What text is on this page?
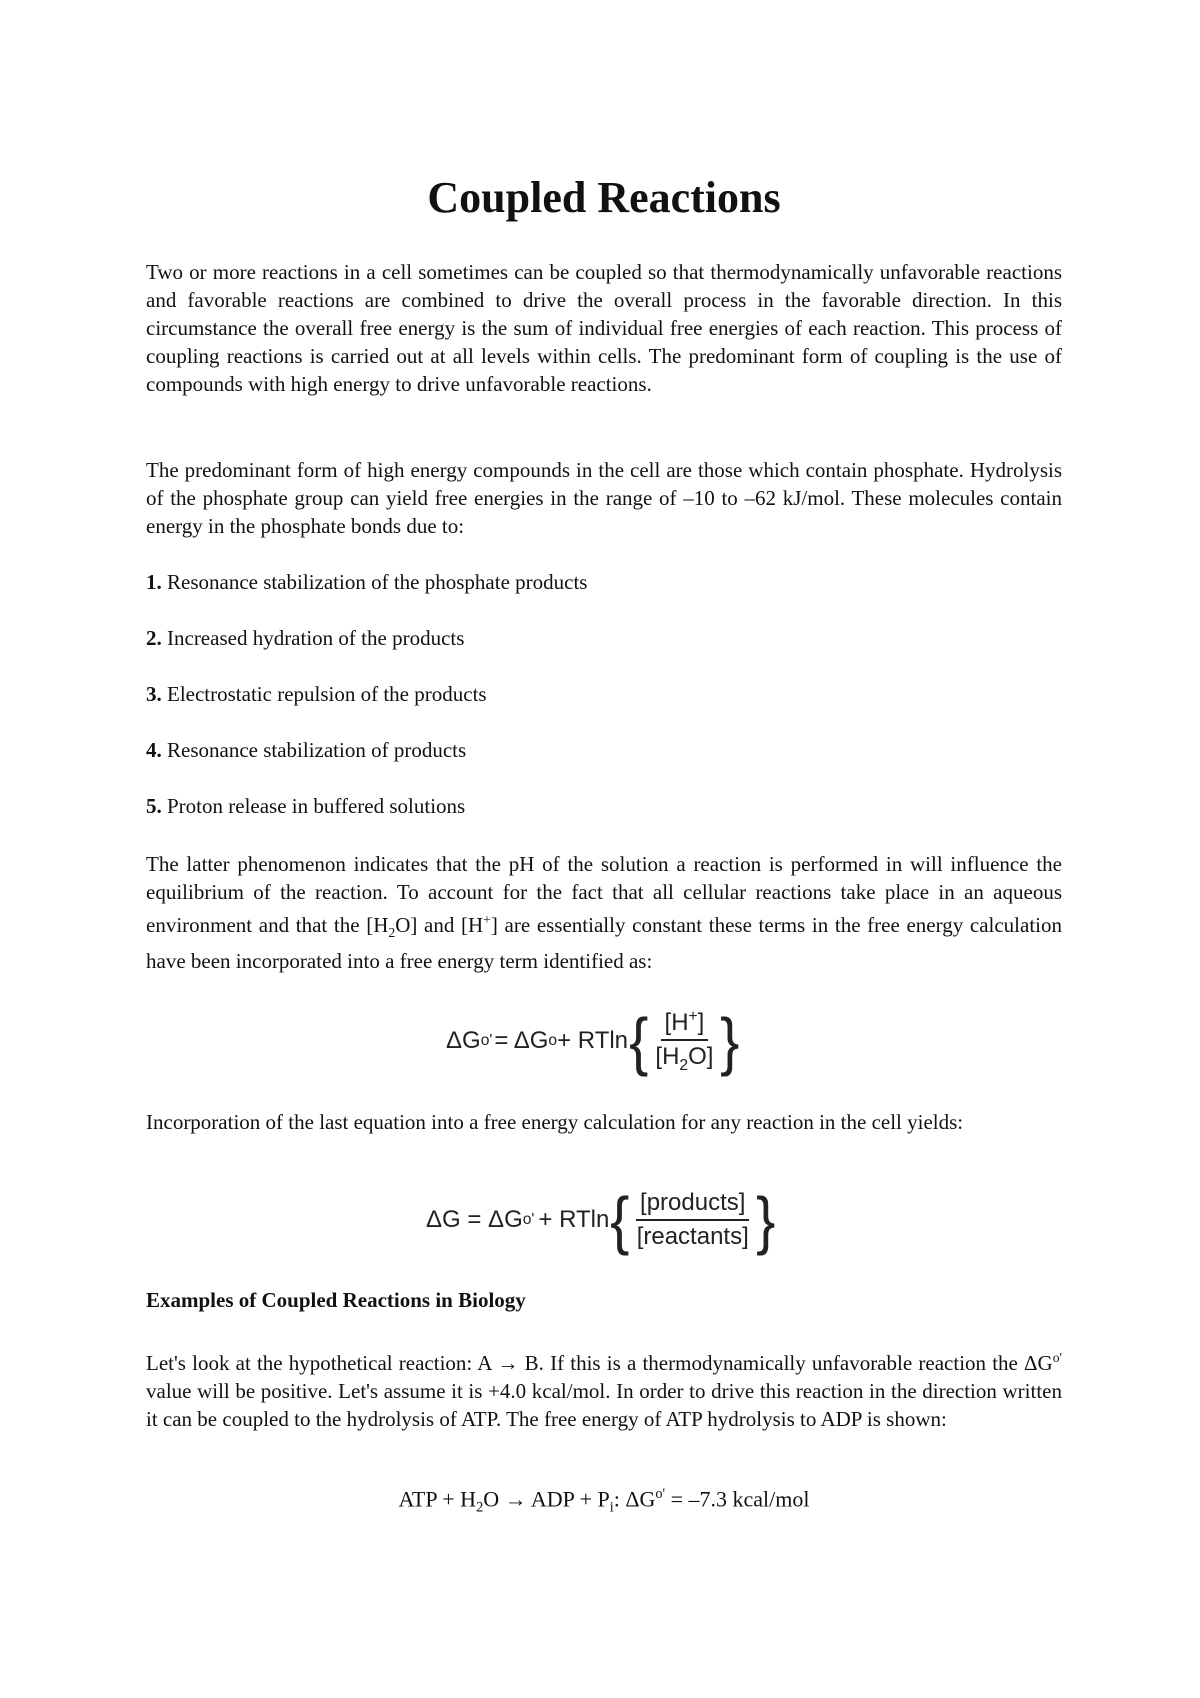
Coupled Reactions

Two or more reactions in a cell sometimes can be coupled so that thermodynamically unfavorable reactions and favorable reactions are combined to drive the overall process in the favorable direction. In this circumstance the overall free energy is the sum of individual free energies of each reaction. This process of coupling reactions is carried out at all levels within cells. The predominant form of coupling is the use of compounds with high energy to drive unfavorable reactions.

The predominant form of high energy compounds in the cell are those which contain phosphate. Hydrolysis of the phosphate group can yield free energies in the range of –10 to –62 kJ/mol. These molecules contain energy in the phosphate bonds due to:

1. Resonance stabilization of the phosphate products
2. Increased hydration of the products
3. Electrostatic repulsion of the products
4. Resonance stabilization of products
5. Proton release in buffered solutions

The latter phenomenon indicates that the pH of the solution a reaction is performed in will influence the equilibrium of the reaction. To account for the fact that all cellular reactions take place in an aqueous environment and that the $[H_2O]$ and [H+] are essentially constant these terms in the free energy calculation have been incorporated into a free energy term identified as:

ΔG o' = ΔG o + RTln { $\frac{[H^+]}{[H_2O]}$ }

Incorporation of the last equation into a free energy calculation for any reaction in the cell yields:

ΔG = ΔG o' + RTln { $\frac{\text{[products]}}{\text{[reactants]}}$ }
Examples of Coupled Reactions in Biology

Let's look at the hypothetical reaction: A → B. If this is a thermodynamically unfavorable reaction the $\Delta G^{o'}$ value will be positive. Let's assume it is +4.0 kcal/mol. In order to drive this reaction in the direction written it can be coupled to the hydrolysis of ATP. The free energy of ATP hydrolysis to ADP is shown:

ATP + $H_2O$ → ADP + $P_i$: $\Delta G^{o'} = -7.3$ kcal/mol
